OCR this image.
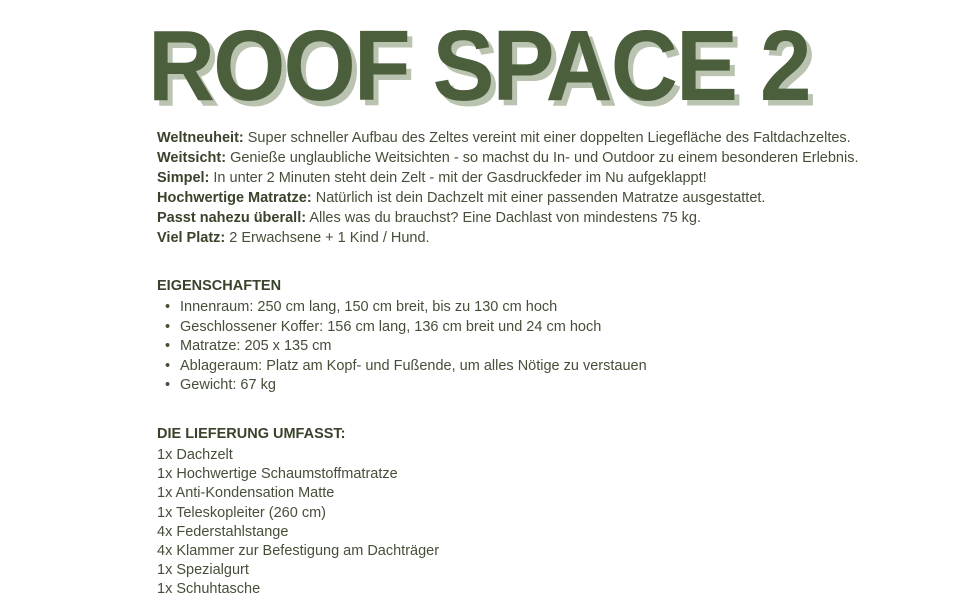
ROOF SPACE 2

Weltneuheit: Super schneller Aufbau des Zeltes vereint mit einer doppelten Liegefläche des Faltdachzeltes.

Weitsicht: Genieße unglaubliche Weitsichten - so machst du In- und Outdoor zu einem besonderen Erlebnis.

Simpel: In unter 2 Minuten steht dein Zelt - mit der Gasdruckfeder im Nu aufgeklappt!

Hochwertige Matratze: Natürlich ist dein Dachzelt mit einer passenden Matratze ausgestattet.

Passt nahezu überall: Alles was du brauchst? Eine Dachlast von mindestens 75 kg.

Viel Platz: 2 Erwachsene + 1 Kind / Hund.

EIGENSCHAFTEN
• Innenraum: 250 cm lang, 150 cm breit, bis zu 130 cm hoch
• Geschlossener Koffer: 156 cm lang, 136 cm breit und 24 cm hoch
• Matratze: 205 x 135 cm
• Ablageraum: Platz am Kopf- und Fußende, um alles Nötige zu verstauen
• Gewicht: 67 kg
DIE LIEFERUNG UMFASST:

1x Dachzelt

1x Hochwertige Schaumstoffmatratze

1x Anti-Kondensation Matte

1x Teleskopleiter (260 cm)

4x Federstahlstange

4x Klammer zur Befestigung am Dachträger

1x Spezialgurt

1x Schuhtasche
